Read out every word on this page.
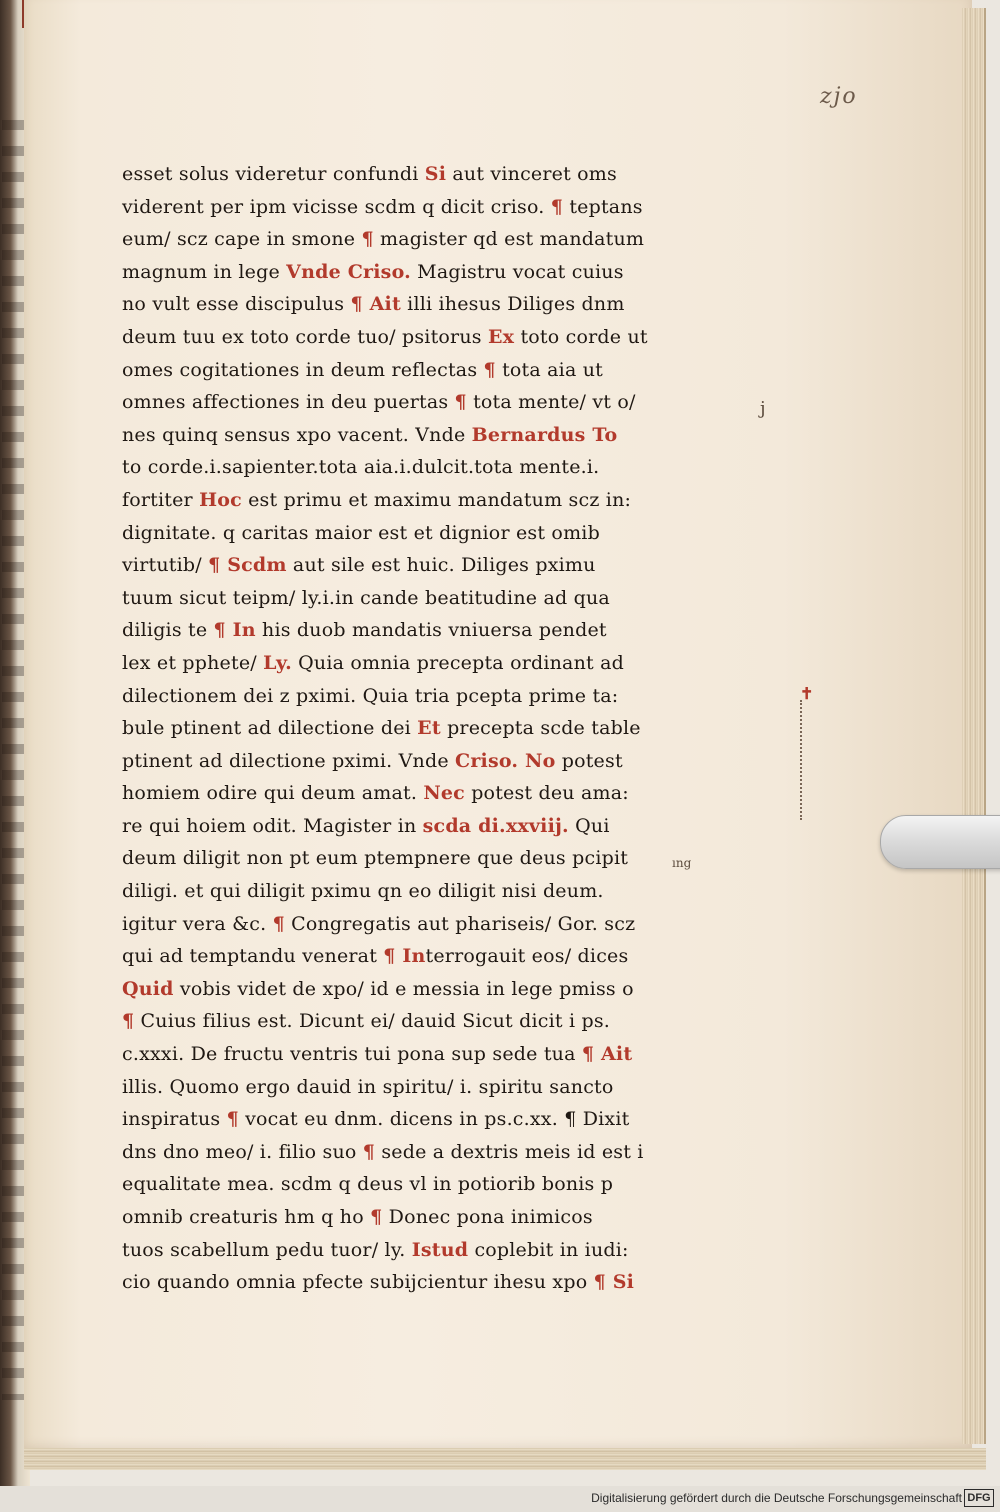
zjo
j
ıng
✝
esset solus videretur confundi Si aut vinceret oms
viderent per ipm vicisse scdm q dicit criso. ¶ teptans
eum/ scz cape in smone ¶ magister qd est mandatum
magnum in lege Vnde Criso. Magistru vocat cuius
no vult esse discipulus ¶ Ait illi ihesus Diliges dnm
deum tuu ex toto corde tuo/ psitorus Ex toto corde ut
omes cogitationes in deum reflectas ¶ tota aia ut
omnes affectiones in deu puertas ¶ tota mente/ vt o/
nes quinq sensus xpo vacent. Vnde Bernardus To
to corde.i.sapienter.tota aia.i.dulcit.tota mente.i.
fortiter Hoc est primu et maximu mandatum scz in:
dignitate. q caritas maior est et dignior est omib
virtutib/ ¶ Scdm aut sile est huic. Diliges pximu
tuum sicut teipm/ ly.i.in cande beatitudine ad qua
diligis te ¶ In his duob mandatis vniuersa pendet
lex et pphete/ Ly. Quia omnia precepta ordinant ad
dilectionem dei z pximi. Quia tria pcepta prime ta:
bule ptinent ad dilectione dei Et precepta scde table
ptinent ad dilectione pximi. Vnde Criso. No potest
homiem odire qui deum amat. Nec potest deu ama:
re qui hoiem odit. Magister in scda di.xxviij. Qui
deum diligit non pt eum ptempnere que deus pcipit
diligi. et qui diligit pximu qn eo diligit nisi deum.
igitur vera &c. ¶ Congregatis aut phariseis/ Gor. scz
qui ad temptandu venerat ¶ Interrogauit eos/ dices
Quid vobis videt de xpo/ id e messia in lege pmiss o
¶ Cuius filius est. Dicunt ei/ dauid Sicut dicit i ps.
c.xxxi. De fructu ventris tui pona sup sede tua ¶ Ait
illis. Quomo ergo dauid in spiritu/ i. spiritu sancto
inspiratus ¶ vocat eu dnm. dicens in ps.c.xx. ¶ Dixit
dns dno meo/ i. filio suo ¶ sede a dextris meis id est i
equalitate mea. scdm q deus vl in potiorib bonis p
omnib creaturis hm q ho ¶ Donec pona inimicos
tuos scabellum pedu tuor/ ly. Istud coplebit in iudi:
cio quando omnia pfecte subijcientur ihesu xpo ¶ Si
Digitalisierung gefördert durch die Deutsche Forschungsgemeinschaft DFG
